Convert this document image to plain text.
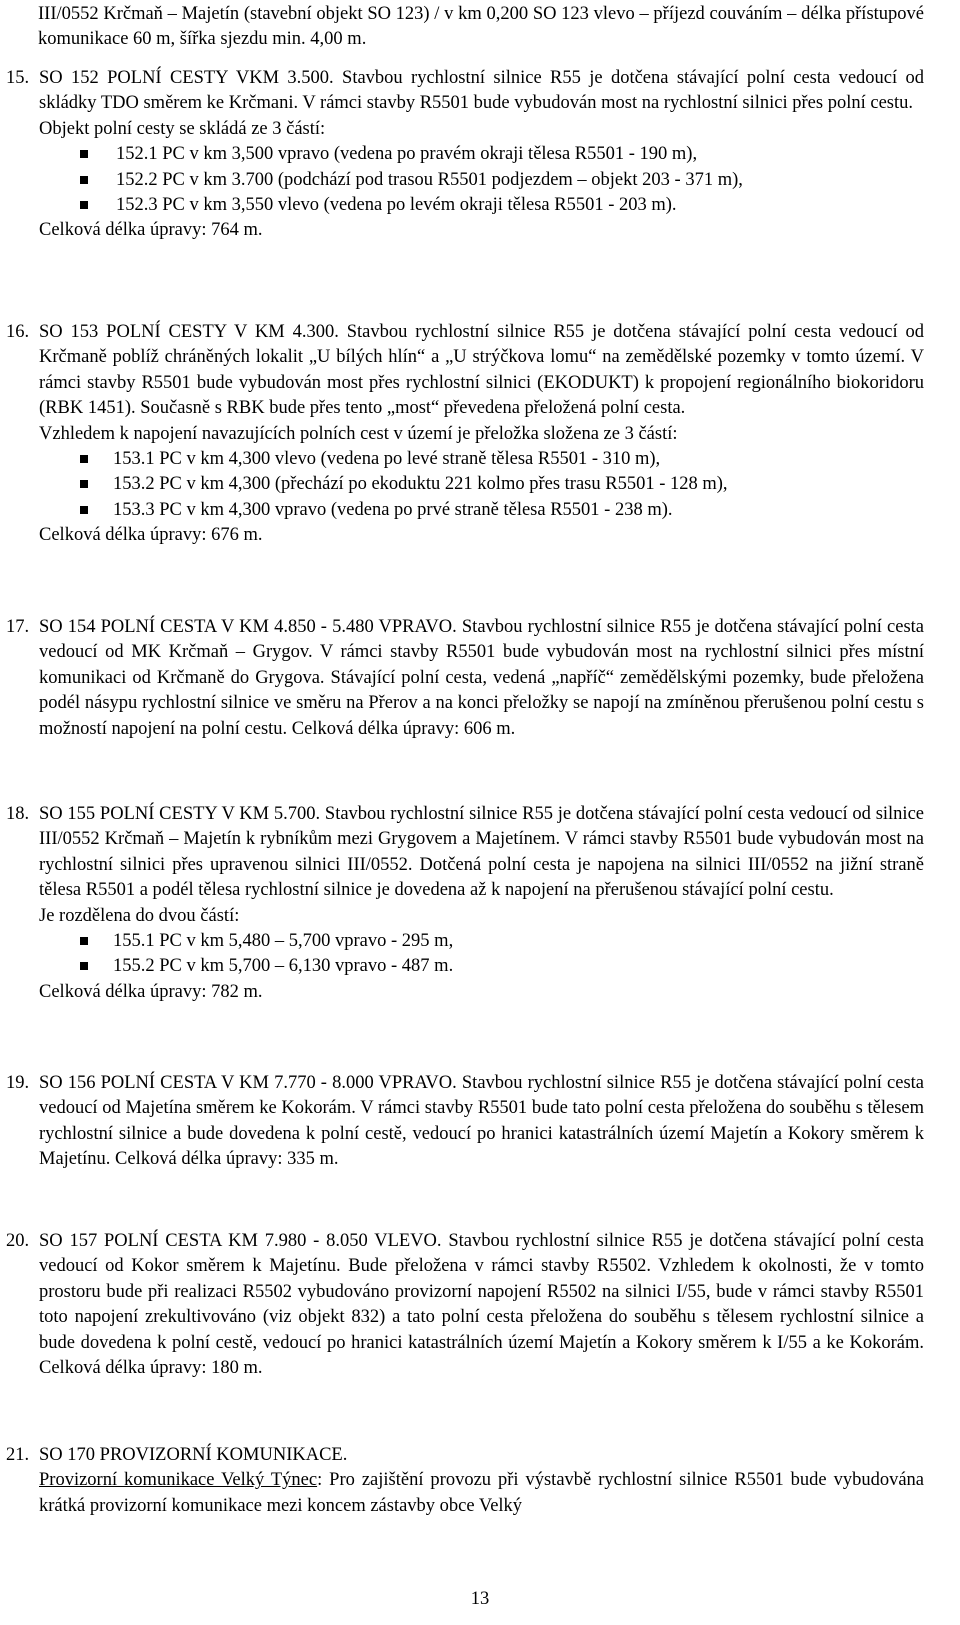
III/0552 Krčmaň – Majetín (stavební objekt SO 123) / v km 0,200 SO 123 vlevo – příjezd couváním – délka přístupové komunikace 60 m, šířka sjezdu min. 4,00 m.
15. SO 152 POLNÍ CESTY VKM 3.500. Stavbou rychlostní silnice R55 je dotčena stávající polní cesta vedoucí od skládky TDO směrem ke Krčmani. V rámci stavby R5501 bude vybudován most na rychlostní silnici přes polní cestu.

Objekt polní cesty se skládá ze 3 částí:

152.1 PC v km 3,500 vpravo (vedena po pravém okraji tělesa R5501 - 190 m),
152.2 PC v km 3.700 (podchází pod trasou R5501 podjezdem – objekt 203 - 371 m),
152.3 PC v km 3,550 vlevo (vedena po levém okraji tělesa R5501 - 203 m).

Celková délka úpravy: 764 m.

16. SO 153 POLNÍ CESTY V KM 4.300. Stavbou rychlostní silnice R55 je dotčena stávající polní cesta vedoucí od Krčmaně poblíž chráněných lokalit „U bílých hlín“ a „U strýčkova lomu“ na zemědělské pozemky v tomto území. V rámci stavby R5501 bude vybudován most přes rychlostní silnici (EKODUKT) k propojení regionálního biokoridoru (RBK 1451). Současně s RBK bude přes tento „most“ převedena přeložená polní cesta.

Vzhledem k napojení navazujících polních cest v území je přeložka složena ze 3 částí:

153.1 PC v km 4,300 vlevo (vedena po levé straně tělesa R5501 - 310 m),
153.2 PC v km 4,300 (přechází po ekoduktu 221 kolmo přes trasu R5501 - 128 m),
153.3 PC v km 4,300 vpravo (vedena po prvé straně tělesa R5501 - 238 m).

Celková délka úpravy: 676 m.

17. SO 154 POLNÍ CESTA V KM 4.850 - 5.480 VPRAVO. Stavbou rychlostní silnice R55 je dotčena stávající polní cesta vedoucí od MK Krčmaň – Grygov. V rámci stavby R5501 bude vybudován most na rychlostní silnici přes místní komunikaci od Krčmaně do Grygova. Stávající polní cesta, vedená „napříč“ zemědělskými pozemky, bude přeložena podél násypu rychlostní silnice ve směru na Přerov a na konci přeložky se napojí na zmíněnou přerušenou polní cestu s možností napojení na polní cestu. Celková délka úpravy: 606 m.

18. SO 155 POLNÍ CESTY V KM 5.700. Stavbou rychlostní silnice R55 je dotčena stávající polní cesta vedoucí od silnice III/0552 Krčmaň – Majetín k rybníkům mezi Grygovem a Majetínem. V rámci stavby R5501 bude vybudován most na rychlostní silnici přes upravenou silnici III/0552. Dotčená polní cesta je napojena na silnici III/0552 na jižní straně tělesa R5501 a podél tělesa rychlostní silnice je dovedena až k napojení na přerušenou stávající polní cestu.

Je rozdělena do dvou částí:

155.1 PC v km 5,480 – 5,700 vpravo - 295 m,
155.2 PC v km 5,700 – 6,130 vpravo - 487 m.

Celková délka úpravy: 782 m.

19. SO 156 POLNÍ CESTA V KM 7.770 - 8.000 VPRAVO. Stavbou rychlostní silnice R55 je dotčena stávající polní cesta vedoucí od Majetína směrem ke Kokorám. V rámci stavby R5501 bude tato polní cesta přeložena do souběhu s tělesem rychlostní silnice a bude dovedena k polní cestě, vedoucí po hranici katastrálních území Majetín a Kokory směrem k Majetínu. Celková délka úpravy: 335 m.

20. SO 157 POLNÍ CESTA KM 7.980 - 8.050 VLEVO. Stavbou rychlostní silnice R55 je dotčena stávající polní cesta vedoucí od Kokor směrem k Majetínu. Bude přeložena v rámci stavby R5502. Vzhledem k okolnosti, že v tomto prostoru bude při realizaci R5502 vybudováno provizorní napojení R5502 na silnici I/55, bude v rámci stavby R5501 toto napojení zrekultivováno (viz objekt 832) a tato polní cesta přeložena do souběhu s tělesem rychlostní silnice a bude dovedena k polní cestě, vedoucí po hranici katastrálních území Majetín a Kokory směrem k I/55 a ke Kokorám. Celková délka úpravy: 180 m.

21. SO 170 PROVIZORNÍ KOMUNIKACE.

Provizorní komunikace Velký Týnec: Pro zajištění provozu při výstavbě rychlostní silnice R5501 bude vybudována krátká provizorní komunikace mezi koncem zástavby obce Velký

13
